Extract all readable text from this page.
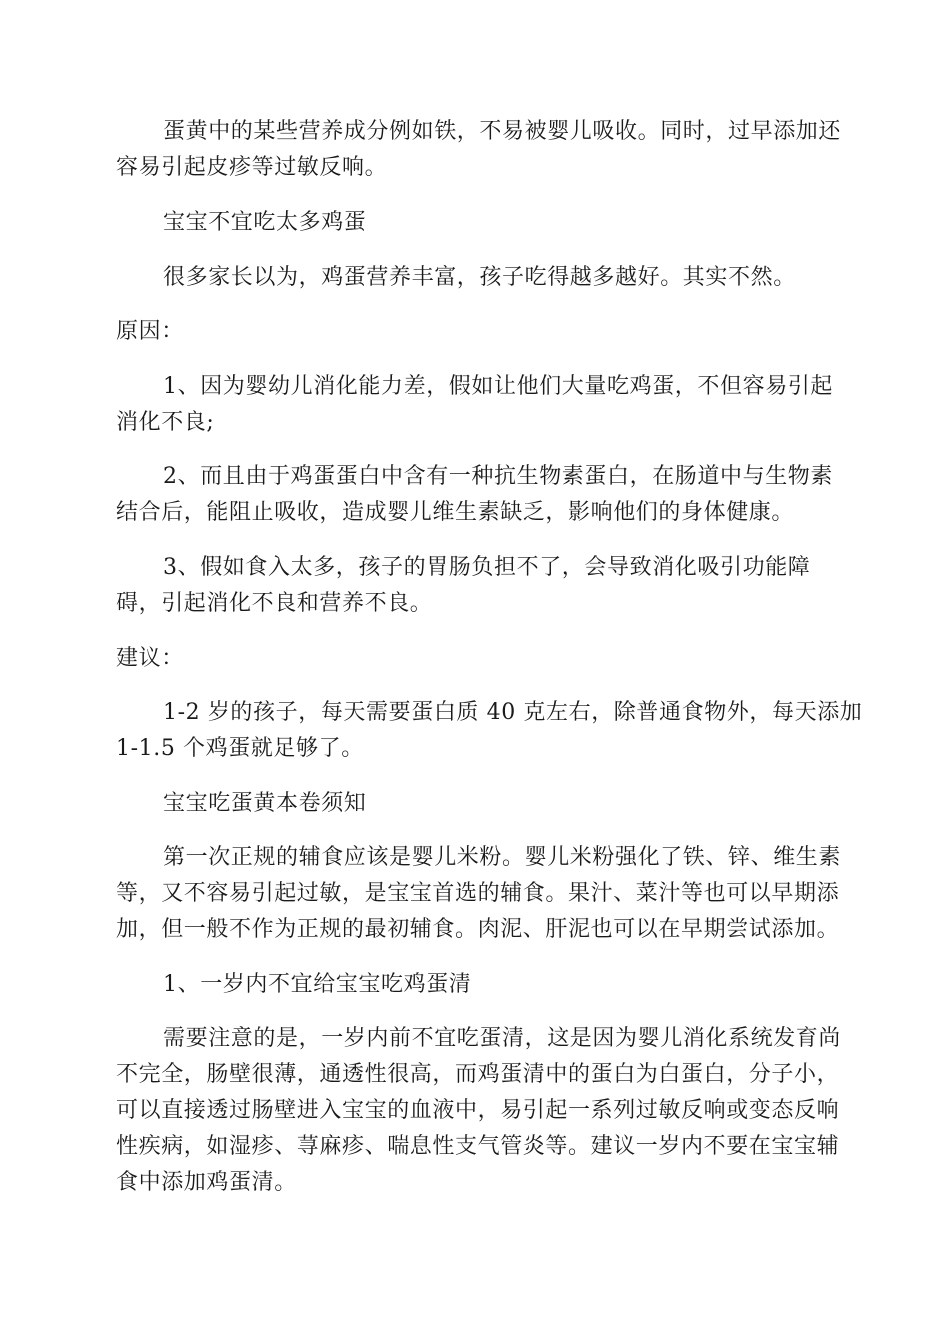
蛋黄中的某些营养成分例如铁，不易被婴儿吸收。同时，过早添加还
容易引起皮疹等过敏反响。
宝宝不宜吃太多鸡蛋
很多家长以为，鸡蛋营养丰富，孩子吃得越多越好。其实不然。
原因：
1、因为婴幼儿消化能力差，假如让他们大量吃鸡蛋，不但容易引起
消化不良;
2、而且由于鸡蛋蛋白中含有一种抗生物素蛋白，在肠道中与生物素
结合后，能阻止吸收，造成婴儿维生素缺乏，影响他们的身体健康。
3、假如食入太多，孩子的胃肠负担不了，会导致消化吸引功能障
碍，引起消化不良和营养不良。
建议：
1-2 岁的孩子，每天需要蛋白质 40 克左右，除普通食物外，每天添加
1-1.5 个鸡蛋就足够了。
宝宝吃蛋黄本卷须知
第一次正规的辅食应该是婴儿米粉。婴儿米粉强化了铁、锌、维生素
等，又不容易引起过敏，是宝宝首选的辅食。果汁、菜汁等也可以早期添
加，但一般不作为正规的最初辅食。肉泥、肝泥也可以在早期尝试添加。
1、一岁内不宜给宝宝吃鸡蛋清
需要注意的是，一岁内前不宜吃蛋清，这是因为婴儿消化系统发育尚
不完全，肠壁很薄，通透性很高，而鸡蛋清中的蛋白为白蛋白，分子小，
可以直接透过肠壁进入宝宝的血液中，易引起一系列过敏反响或变态反响
性疾病，如湿疹、荨麻疹、喘息性支气管炎等。建议一岁内不要在宝宝辅
食中添加鸡蛋清。
